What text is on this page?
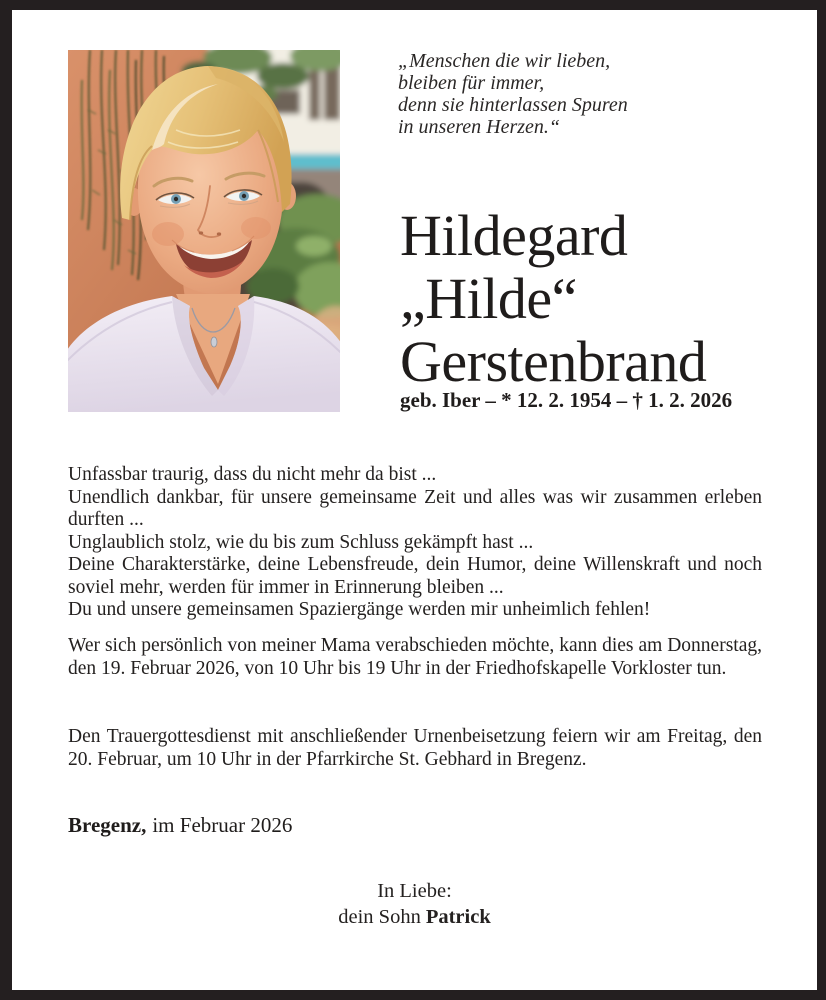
„Menschen die wir lieben,
bleiben für immer,
denn sie hinterlassen Spuren
in unseren Herzen.“
Hildegard
„Hilde“
Gerstenbrand
geb. Iber – * 12. 2. 1954 – † 1. 2. 2026
Unfassbar traurig, dass du nicht mehr da bist ...
Unendlich dankbar, für unsere gemeinsame Zeit und alles was wir zusammen erleben durften ...
Unglaublich stolz, wie du bis zum Schluss gekämpft hast ...
Deine Charakterstärke, deine Lebensfreude, dein Humor, deine Willenskraft und noch soviel mehr, werden für immer in Erinnerung bleiben ...
Du und unsere gemeinsamen Spaziergänge werden mir unheimlich fehlen!
Wer sich persönlich von meiner Mama verabschieden möchte, kann dies am Donnerstag, den 19. Februar 2026, von 10 Uhr bis 19 Uhr in der Friedhofskapelle Vorkloster tun.
Den Trauergottesdienst mit anschließender Urnenbeisetzung feiern wir am Freitag, den 20. Februar, um 10 Uhr in der Pfarrkirche St. Gebhard in Bregenz.
Bregenz, im Februar 2026
In Liebe:
dein Sohn Patrick
